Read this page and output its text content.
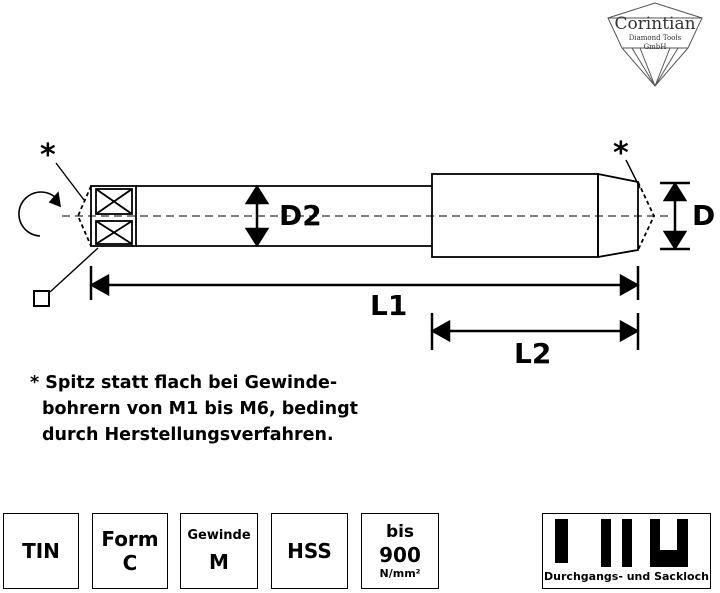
Corintian
Diamond Tools
GmbH
*	*
D2	D
L1
L2
* Spitz statt flach bei Gewinde-
bohrern von M1 bis M6, bedingt
durch Herstellungsverfahren.
TIN Form
C
Gewinde
M	HSS
bis
900
N/mm²	Durchgangs- und Sackloch
